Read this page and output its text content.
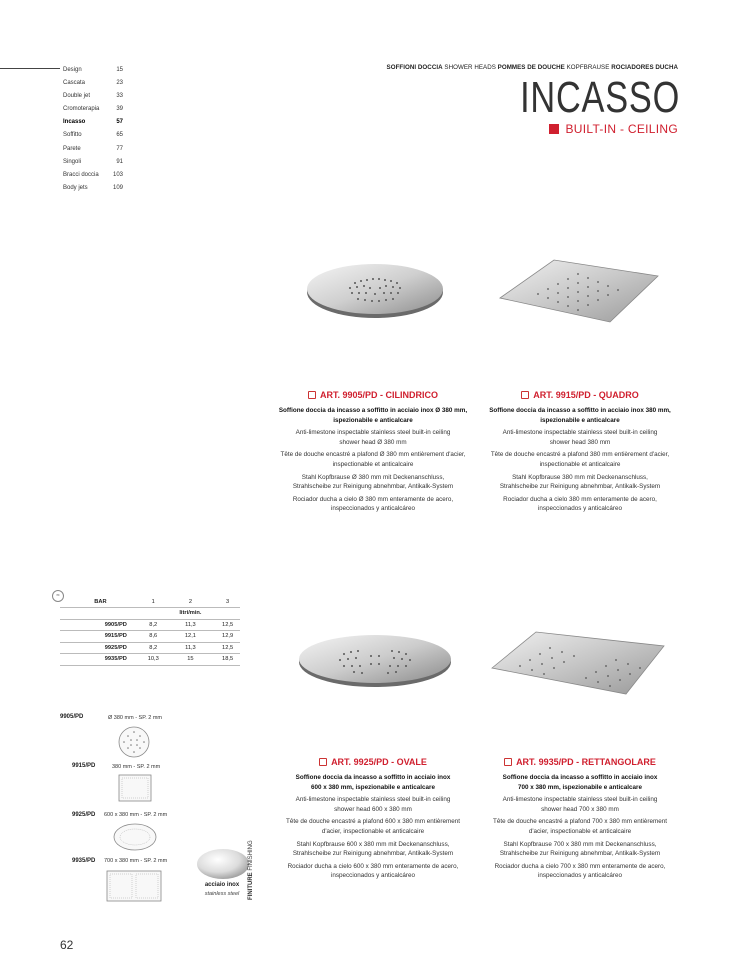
Design	15
Cascata	23
Double jet	33
Cromoterapia	39
Incasso	57
Soffitto	65
Parete	77
Singoli	91
Bracci doccia 103
Body jets	109
SOFFIONI DOCCIA SHOWER HEADS POMMES DE DOUCHE KOPFBRAUSE ROCIADORES DUCHA
INCASSO
BUILT-IN - CEILING
ART. 9905/PD - CILINDRICO
Soffione doccia da incasso a soffitto in acciaio inox Ø 380 mm,
ispezionabile e anticalcare
Anti-limestone inspectable stainless steel built-in ceiling
shower head Ø 380 mm
Tête de douche encastré a plafond Ø 380 mm entièrement d'acier,
inspectionable et anticalcaire
Stahl Kopfbrause Ø 380 mm mit Deckenanschluss,
Strahlscheibe zur Reinigung abnehmbar, Antikalk-System
Rociador ducha a cielo Ø 380 mm enteramente de acero,
inspeccionados y anticalcáreo
ART. 9915/PD - QUADRO
Soffione doccia da incasso a soffitto in acciaio inox 380 mm,
ispezionabile e anticalcare
Anti-limestone inspectable stainless steel built-in ceiling
shower head 380 mm
Tête de douche encastré a plafond 380 mm entièrement d'acier,
inspectionable et anticalcaire
Stahl Kopfbrause 380 mm mit Deckenanschluss,
Strahlscheibe zur Reinigung abnehmbar, Antikalk-System
Rociador ducha a cielo 380 mm enteramente de acero,
inspeccionados y anticalcáreo
ART. 9925/PD - OVALE
Soffione doccia da incasso a soffitto in acciaio inox
600 x 380 mm, ispezionabile e anticalcare
Anti-limestone inspectable stainless steel built-in ceiling
shower head 600 x 380 mm
Tête de douche encastré a plafond 600 x 380 mm entièrement
d'acier, inspectionable et anticalcaire
Stahl Kopfbrause 600 x 380 mm mit Deckenanschluss,
Strahlscheibe zur Reinigung abnehmbar, Antikalk-System
Rociador ducha a cielo 600 x 380 mm enteramente de acero,
inspeccionados y anticalcáreo
ART. 9935/PD - RETTANGOLARE
Soffione doccia da incasso a soffitto in acciaio inox
700 x 380 mm, ispezionabile e anticalcare
Anti-limestone inspectable stainless steel built-in ceiling
shower head 700 x 380 mm
Tête de douche encastré a plafond 700 x 380 mm entièrement
d'acier, inspectionable et anticalcaire
Stahl Kopfbrause 700 x 380 mm mit Deckenanschluss,
Strahlscheibe zur Reinigung abnehmbar, Antikalk-System
Rociador ducha a cielo 700 x 380 mm enteramente de acero,
inspeccionados y anticalcáreo
≈
BAR	1	2	3
		litri/min.	
9905/PD	8,2	11,3	12,5
9915/PD	8,6	12,1	12,9
9925/PD	8,2	11,3	12,5
9935/PD	10,3	15	18,5
9905/PD	Ø 380 mm - SP. 2 mm
9915/PD	380 mm - SP. 2 mm
9925/PD 600 x 380 mm - SP. 2 mm
9935/PD 700 x 380 mm - SP. 2 mm
acciaio inox
stainless steel	FINITURE FINISHING
62
